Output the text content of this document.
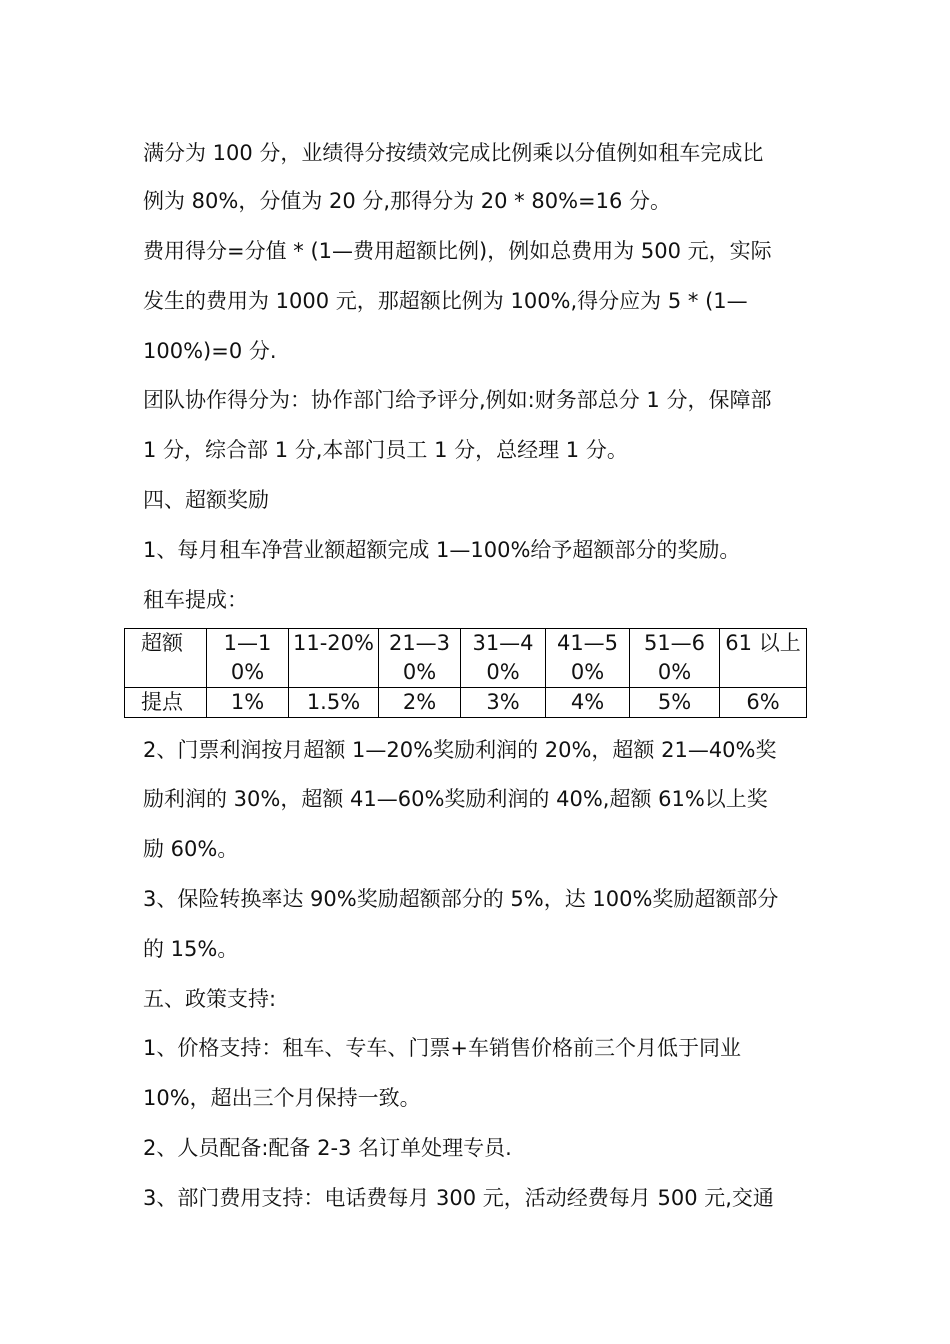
满分为 100 分，业绩得分按绩效完成比例乘以分值例如租车完成比
例为 80%，分值为 20 分,那得分为 20 * 80%=16 分。
费用得分=分值 * (1—费用超额比例)，例如总费用为 500 元，实际
发生的费用为 1000 元，那超额比例为 100%,得分应为 5 * (1—
100%)=0 分.
团队协作得分为：协作部门给予评分,例如:财务部总分 1 分，保障部
1 分，综合部 1 分,本部门员工 1 分，总经理 1 分。
四、超额奖励
1、每月租车净营业额超额完成 1—100%给予超额部分的奖励。
租车提成：
超额	1—10%	11-20%	21—30%	31—40%	41—50%	51—60%	61 以上
提点	1%	1.5%	2%	3%	4%	5%	6%
2、门票利润按月超额 1—20%奖励利润的 20%，超额 21—40%奖
励利润的 30%，超额 41—60%奖励利润的 40%,超额 61%以上奖
励 60%。
3、保险转换率达 90%奖励超额部分的 5%，达 100%奖励超额部分
的 15%。
五、政策支持:
1、价格支持：租车、专车、门票+车销售价格前三个月低于同业
10%，超出三个月保持一致。
2、人员配备:配备 2-3 名订单处理专员.
3、部门费用支持：电话费每月 300 元，活动经费每月 500 元,交通
